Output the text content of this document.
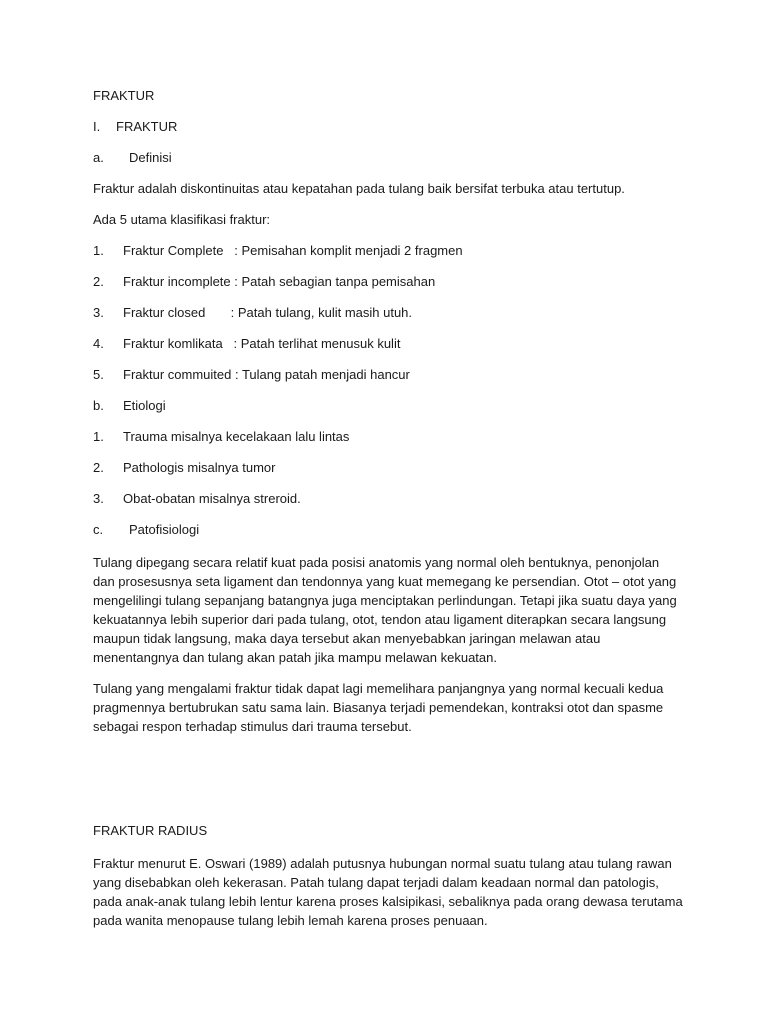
FRAKTUR
I. FRAKTUR
a. Definisi
Fraktur adalah diskontinuitas atau kepatahan pada tulang baik bersifat terbuka atau tertutup.
Ada 5 utama klasifikasi fraktur:
1. Fraktur Complete   : Pemisahan komplit menjadi 2 fragmen
2. Fraktur incomplete : Patah sebagian tanpa pemisahan
3. Fraktur closed       : Patah tulang, kulit masih utuh.
4. Fraktur komlikata   : Patah terlihat menusuk kulit
5. Fraktur commuited : Tulang patah menjadi hancur
b. Etiologi
1. Trauma misalnya kecelakaan lalu lintas
2. Pathologis misalnya tumor
3. Obat-obatan misalnya streroid.
c. Patofisiologi

Tulang dipegang secara relatif kuat pada posisi anatomis yang normal oleh bentuknya, penonjolan dan prosesusnya seta ligament dan tendonnya yang kuat memegang ke persendian. Otot – otot yang mengelilingi tulang sepanjang batangnya juga menciptakan perlindungan. Tetapi jika suatu daya yang kekuatannya lebih superior dari pada tulang, otot, tendon atau ligament diterapkan secara langsung maupun tidak langsung, maka daya tersebut akan menyebabkan jaringan melawan atau menentangnya dan tulang akan patah jika mampu melawan kekuatan.

Tulang yang mengalami fraktur tidak dapat lagi memelihara panjangnya yang normal kecuali kedua pragmennya bertubrukan satu sama lain. Biasanya terjadi pemendekan, kontraksi otot dan spasme sebagai respon terhadap stimulus dari trauma tersebut.

FRAKTUR RADIUS

Fraktur menurut E. Oswari (1989) adalah putusnya hubungan normal suatu tulang atau tulang rawan yang disebabkan oleh kekerasan. Patah tulang dapat terjadi dalam keadaan normal dan patologis, pada anak-anak tulang lebih lentur karena proses kalsipikasi, sebaliknya pada orang dewasa terutama pada wanita menopause tulang lebih lemah karena proses penuaan.
